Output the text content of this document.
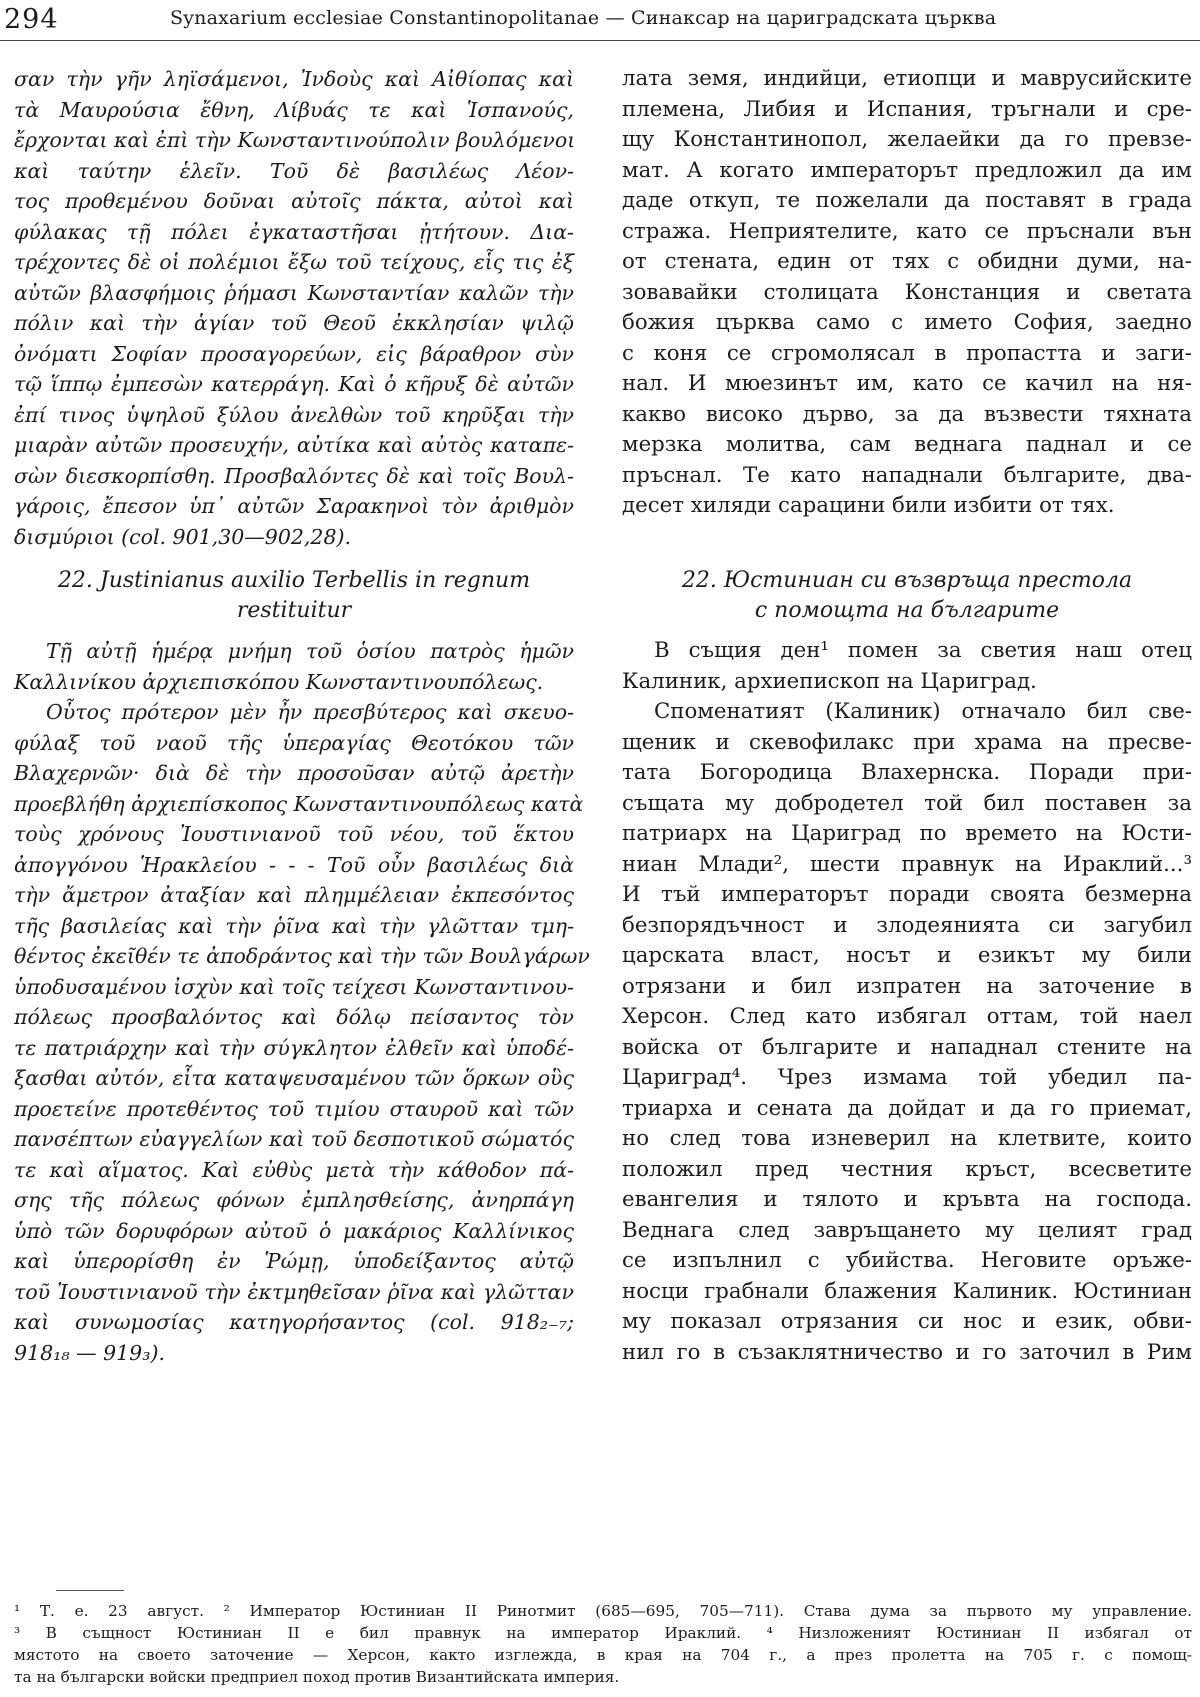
294	Synaxarium ecclesiae Constantinopolitanae — Синаксар на цариградската църква

σαν τὴν γῆν ληϊσάμενοι, Ἰνδοὺς καὶ Αἰθίοπας καὶ
τὰ Μαυρούσια ἔθνη, Λίβυάς τε καὶ Ἱσπανούς,
ἔρχονται καὶ ἐπὶ τὴν Κωνσταντινούπολιν βουλόμενοι
καὶ ταύτην ἑλεῖν. Τοῦ δὲ βασιλέως Λέον-
τος προθεμένου δοῦναι αὐτοῖς πάκτα, αὐτοὶ καὶ
φύλακας τῇ πόλει ἐγκαταστῆσαι ᾐτήτουν. Δια-
τρέχοντες δὲ οἱ πολέμιοι ἔξω τοῦ τείχους, εἷς τις ἐξ
αὐτῶν βλασφήμοις ῥήμασι Κωνσταντίαν καλῶν τὴν
πόλιν καὶ τὴν ἁγίαν τοῦ Θεοῦ ἐκκλησίαν ψιλῷ
ὀνόματι Σοφίαν προσαγορεύων, εἰς βάραθρον σὺν
τῷ ἵππῳ ἐμπεσὼν κατερράγη. Καὶ ὁ κῆρυξ δὲ αὐτῶν
ἐπί τινος ὑψηλοῦ ξύλου ἀνελθὼν τοῦ κηρῦξαι τὴν
μιαρὰν αὐτῶν προσευχήν, αὐτίκα καὶ αὐτὸς καταπε-
σὼν διεσκορπίσθη. Προσβαλόντες δὲ καὶ τοῖς Βουλ-
γάροις, ἔπεσον ὑπ᾿ αὐτῶν Σαρακηνοὶ τὸν ἀριθμὸν
δισμύριοι (col. 901,30—902,28).

лата земя, индийци, етиопци и маврусийските
племена, Либия и Испания, тръгнали и сре-
щу Константинопол, желаейки да го превзе-
мат. А когато императорът предложил да им
даде откуп, те пожелали да поставят в града
стража. Неприятелите, като се пръснали вън
от стената, един от тях с обидни думи, на-
зовавайки столицата Констанция и светата
божия църква само с името София, заедно
с коня се сгромолясал в пропастта и заги-
нал. И мюезинът им, като се качил на ня-
какво високо дърво, за да възвести тяхната
мерзка молитва, сам веднага паднал и се
пръснал. Те като нападнали българите, два-
десет хиляди сарацини били избити от тях.

22. Justinianus auxilio Terbellis in regnum
restituitur
22. Юстиниан си възвръща престола
с помощта на българите

Τῇ αὐτῇ ἡμέρᾳ μνήμη τοῦ ὁσίου πατρὸς ἡμῶν
Καλλινίκου ἀρχιεπισκόπου Κωνσταντινουπόλεως.

Οὗτος πρότερον μὲν ἦν πρεσβύτερος καὶ σκευο-
φύλαξ τοῦ ναοῦ τῆς ὑπεραγίας Θεοτόκου τῶν
Βλαχερνῶν· διὰ δὲ τὴν προσοῦσαν αὐτῷ ἀρετὴν
προεβλήθη ἀρχιεπίσκοπος Κωνσταντινουπόλεως κατὰ
τοὺς χρόνους Ἰουστινιανοῦ τοῦ νέου, τοῦ ἕκτου
ἀπογγόνου Ἡρακλείου - - - Τοῦ οὖν βασιλέως διὰ
τὴν ἄμετρον ἀταξίαν καὶ πλημμέλειαν ἐκπεσόντος
τῆς βασιλείας καὶ τὴν ῥῖνα καὶ τὴν γλῶτταν τμη-
θέντος ἐκεῖθέν τε ἀποδράντος καὶ τὴν τῶν Βουλγάρων
ὑποδυσαμένου ἰσχὺν καὶ τοῖς τείχεσι Κωνσταντινου-
πόλεως προσβαλόντος καὶ δόλῳ πείσαντος τὸν
τε πατριάρχην καὶ τὴν σύγκλητον ἐλθεῖν καὶ ὑποδέ-
ξασθαι αὐτόν, εἶτα καταψευσαμένου τῶν ὅρκων οὓς
προετείνε προτεθέντος τοῦ τιμίου σταυροῦ καὶ τῶν
πανσέπτων εὐαγγελίων καὶ τοῦ δεσποτικοῦ σώματός
τε καὶ αἵματος. Καὶ εὐθὺς μετὰ τὴν κάθοδον πά-
σης τῆς πόλεως φόνων ἐμπλησθείσης, ἀνηρπάγη
ὑπὸ τῶν δορυφόρων αὐτοῦ ὁ μακάριος Καλλίνικος
καὶ ὑπερορίσθη ἐν Ῥώμῃ, ὑποδείξαντος αὐτῷ
τοῦ Ἰουστινιανοῦ τὴν ἐκτμηθεῖσαν ῥῖνα καὶ γλῶτταν
καὶ συνωμοσίας κατηγορήσαντος (col. 918₂₋₇;
918₁₈ — 919₃).

В същия ден¹ помен за светия наш отец
Калиник, архиепископ на Цариград.

Споменатият (Калиник) отначало бил све-
щеник и скевофилакс при храма на пресве-
тата Богородица Влахернска. Поради при-
същата му добродетел той бил поставен за
патриарх на Цариград по времето на Юсти-
ниан Млади², шести правнук на Ираклий...³
И тъй императорът поради своята безмерна
безпорядъчност и злодеянията си загубил
царската власт, носът и езикът му били
отрязани и бил изпратен на заточение в
Херсон. След като избягал оттам, той наел
войска от българите и нападнал стените на
Цариград⁴. Чрез измама той убедил па-
триарха и сената да дойдат и да го приемат,
но след това изневерил на клетвите, които
положил пред честния кръст, всесветите
евангелия и тялото и кръвта на господа.
Веднага след завръщането му целият град
се изпълнил с убийства. Неговите оръже-
носци грабнали блажения Калиник. Юстиниан
му показал отрязания си нос и език, обви-
нил го в съзаклятничество и го заточил в Рим

¹ Т. е. 23 август. ² Император Юстиниан II Ринотмит (685—695, 705—711). Става дума за първото му управление.
³ В същност Юстиниан II е бил правнук на император Ираклий. ⁴ Низложеният Юстиниан II избягал от
мястото на своето заточение — Херсон, както изглежда, в края на 704 г., а през пролетта на 705 г. с помощ-
та на български войски предприел поход против Византийската империя.
